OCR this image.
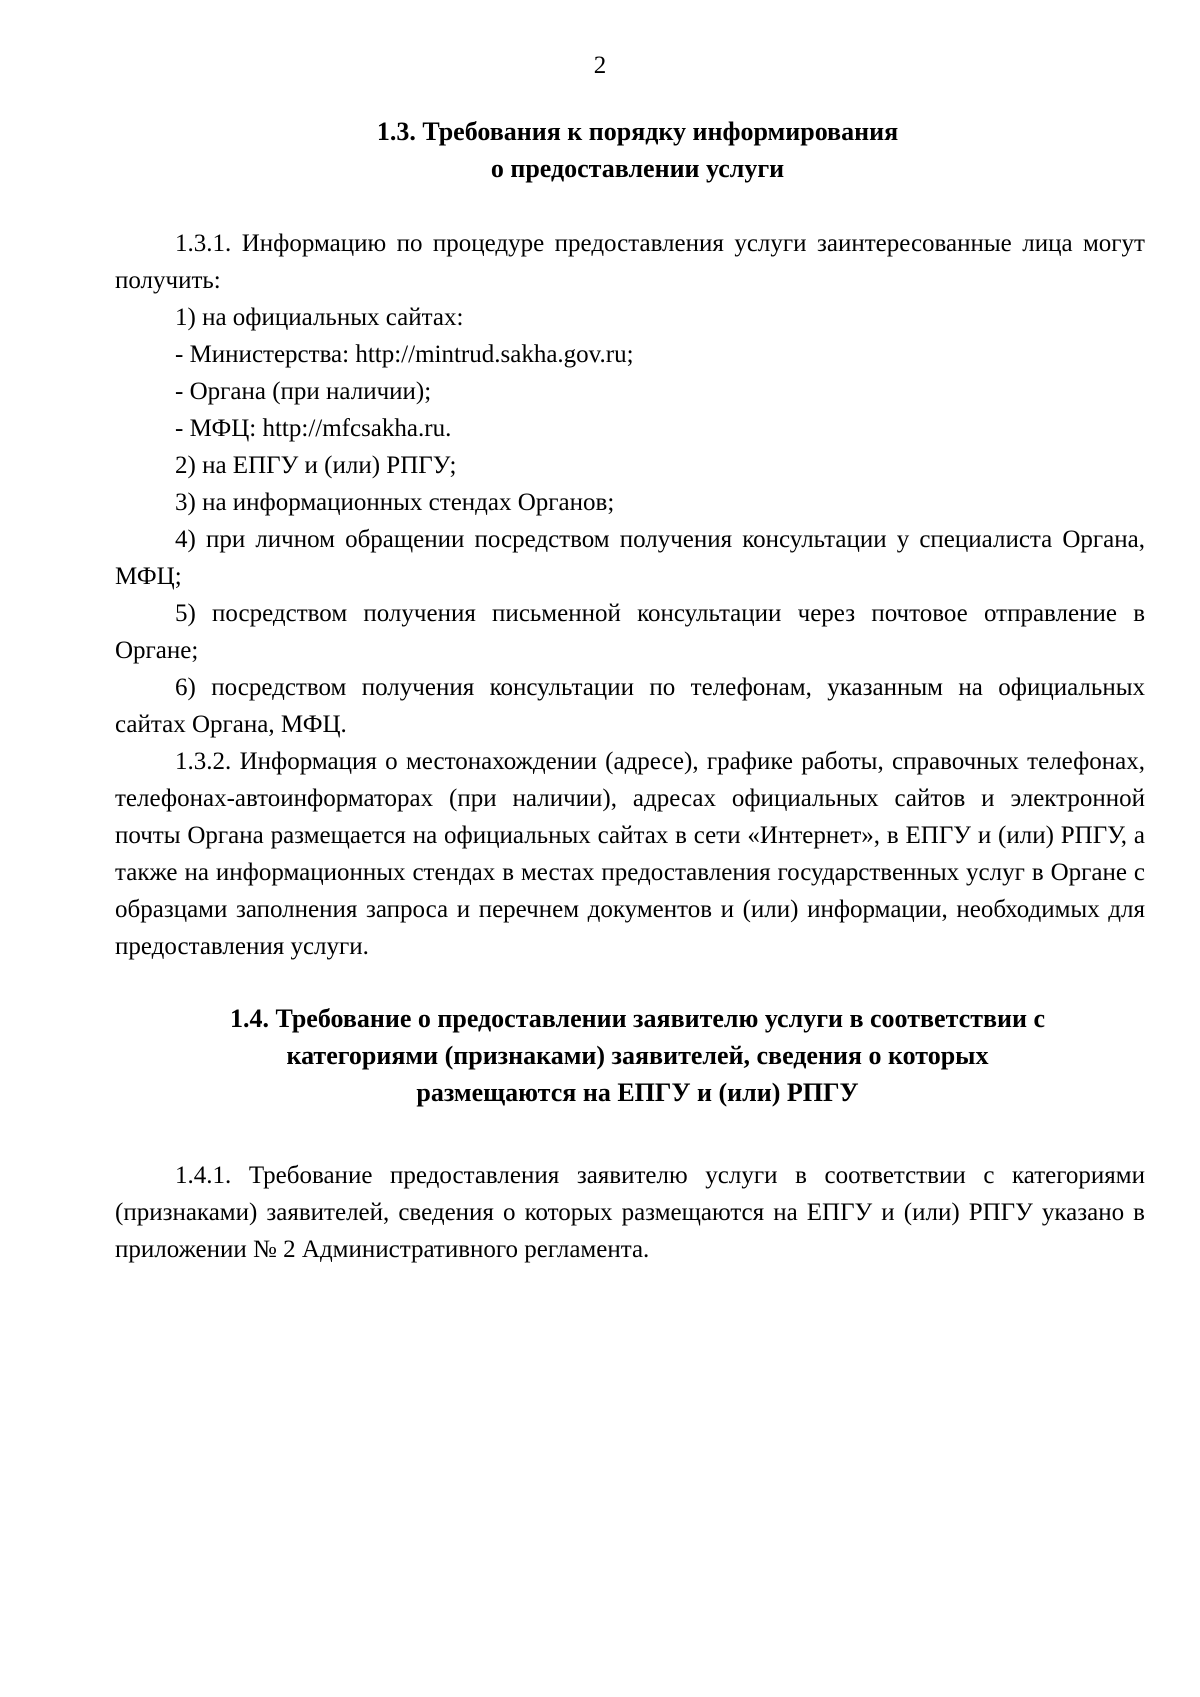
2
1.3. Требования к порядку информирования
о предоставлении услуги

1.3.1. Информацию по процедуре предоставления услуги заинтересованные лица могут получить:

1) на официальных сайтах:

- Министерства: http://mintrud.sakha.gov.ru;

- Органа (при наличии);

- МФЦ: http://mfcsakha.ru.

2) на ЕПГУ и (или) РПГУ;

3) на информационных стендах Органов;

4) при личном обращении посредством получения консультации у специалиста Органа, МФЦ;

5) посредством получения письменной консультации через почтовое отправление в Органе;

6) посредством получения консультации по телефонам, указанным на официальных сайтах Органа, МФЦ.

1.3.2. Информация о местонахождении (адресе), графике работы, справочных телефонах, телефонах-автоинформаторах (при наличии), адресах официальных сайтов и электронной почты Органа размещается на официальных сайтах в сети «Интернет», в ЕПГУ и (или) РПГУ, а также на информационных стендах в местах предоставления государственных услуг в Органе с образцами заполнения запроса и перечнем документов и (или) информации, необходимых для предоставления услуги.

1.4. Требование о предоставлении заявителю услуги в соответствии с
категориями (признаками) заявителей, сведения о которых
размещаются на ЕПГУ и (или) РПГУ

1.4.1. Требование предоставления заявителю услуги в соответствии с категориями (признаками) заявителей, сведения о которых размещаются на ЕПГУ и (или) РПГУ указано в приложении № 2 Административного регламента.
